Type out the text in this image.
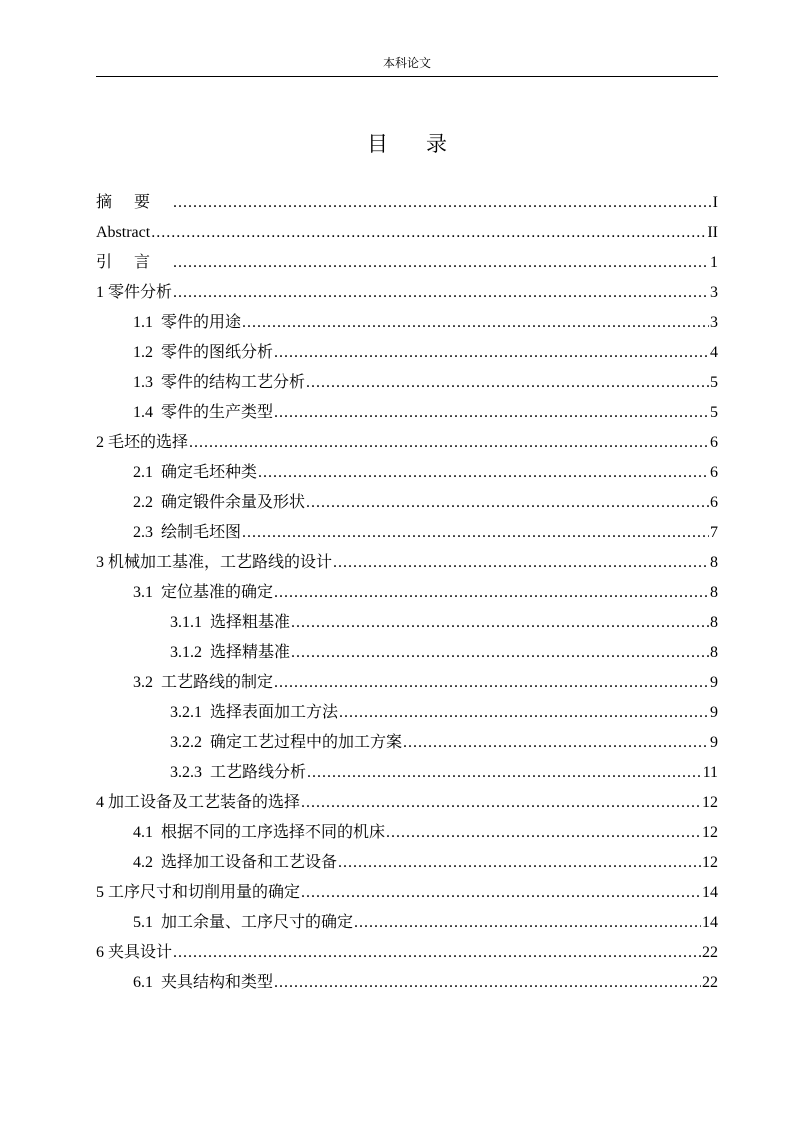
本科论文
目录
摘要 .....	I
Abstract .....	II
引言 .....	1
1 零件分析 .....	3
1.1 零件的用途 .....	3
1.2 零件的图纸分析 .....	4
1.3 零件的结构工艺分析 .....	5
1.4 零件的生产类型 .....	5
2 毛坯的选择 .....	6
2.1 确定毛坯种类 .....	6
2.2 确定锻件余量及形状 .....	6
2.3 绘制毛坯图 .....	7
3 机械加工基准，工艺路线的设计 .....	8
3.1 定位基准的确定 .....	8
3.1.1 选择粗基准 .....	8
3.1.2 选择精基准 .....	8
3.2 工艺路线的制定 .....	9
3.2.1 选择表面加工方法 .....	9
3.2.2 确定工艺过程中的加工方案 .....	9
3.2.3 工艺路线分析 .....	11
4 加工设备及工艺装备的选择 .....	12
4.1 根据不同的工序选择不同的机床 .....	12
4.2 选择加工设备和工艺设备 .....	12
5 工序尺寸和切削用量的确定 .....	14
5.1 加工余量、工序尺寸的确定 .....	14
6 夹具设计 .....	22
6.1 夹具结构和类型 .....	22
